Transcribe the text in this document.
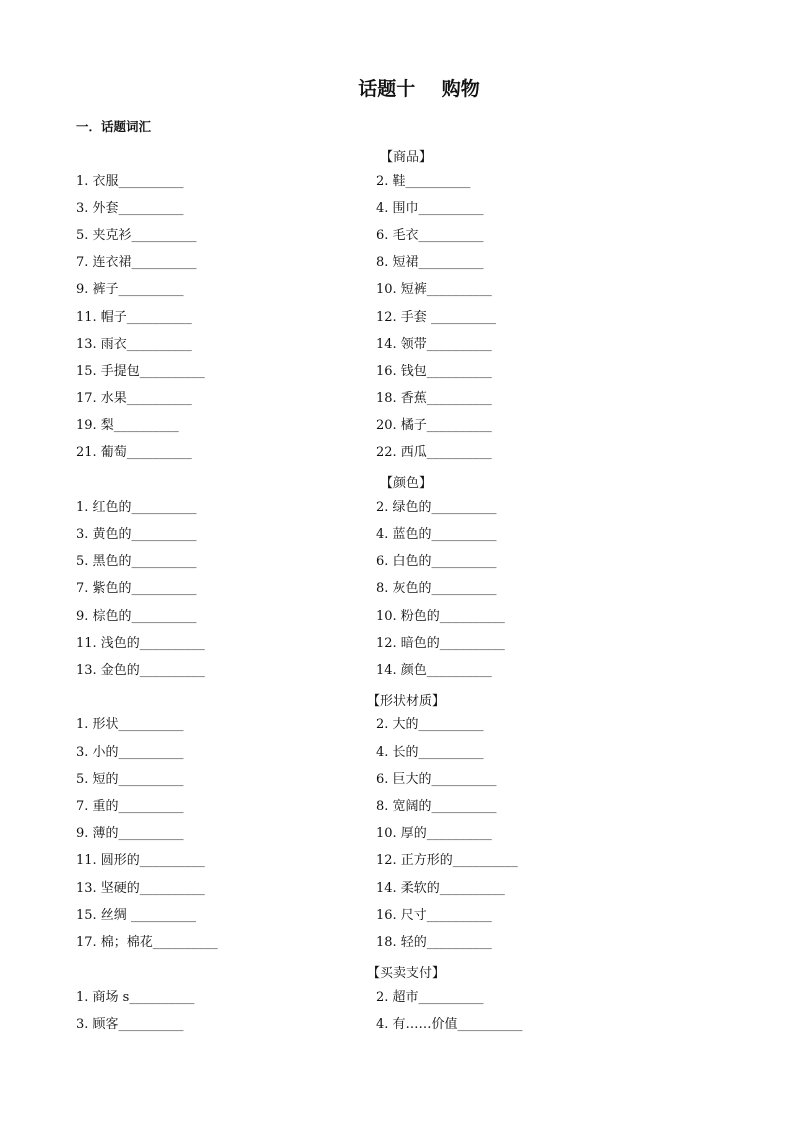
话题十    购物
一．话题词汇
【商品】
1. 衣服__________	2. 鞋__________
3. 外套__________	4. 围巾__________
5. 夹克衫__________	6. 毛衣__________
7. 连衣裙__________	8. 短裙__________
9. 裤子__________	10. 短裤__________
11. 帽子__________	12. 手套 __________
13. 雨衣__________	14. 领带__________
15. 手提包__________	16. 钱包__________
17. 水果__________	18. 香蕉__________
19. 梨__________	20. 橘子__________
21. 葡萄__________	22. 西瓜__________
【颜色】
1. 红色的__________	2. 绿色的__________
3. 黄色的__________	4. 蓝色的__________
5. 黑色的__________	6. 白色的__________
7. 紫色的__________	8. 灰色的__________
9. 棕色的__________	10. 粉色的__________
11. 浅色的__________	12. 暗色的__________
13. 金色的__________	14. 颜色__________
【形状材质】
1. 形状__________	2. 大的__________
3. 小的__________	4. 长的__________
5. 短的__________	6. 巨大的__________
7. 重的__________	8. 宽阔的__________
9. 薄的__________	10. 厚的__________
11. 圆形的__________	12. 正方形的__________
13. 坚硬的__________	14. 柔软的__________
15. 丝绸 __________	16. 尺寸__________
17. 棉；棉花__________	18. 轻的__________
【买卖支付】
1. 商场 s__________	2. 超市__________
3. 顾客__________	4. 有……价值__________
